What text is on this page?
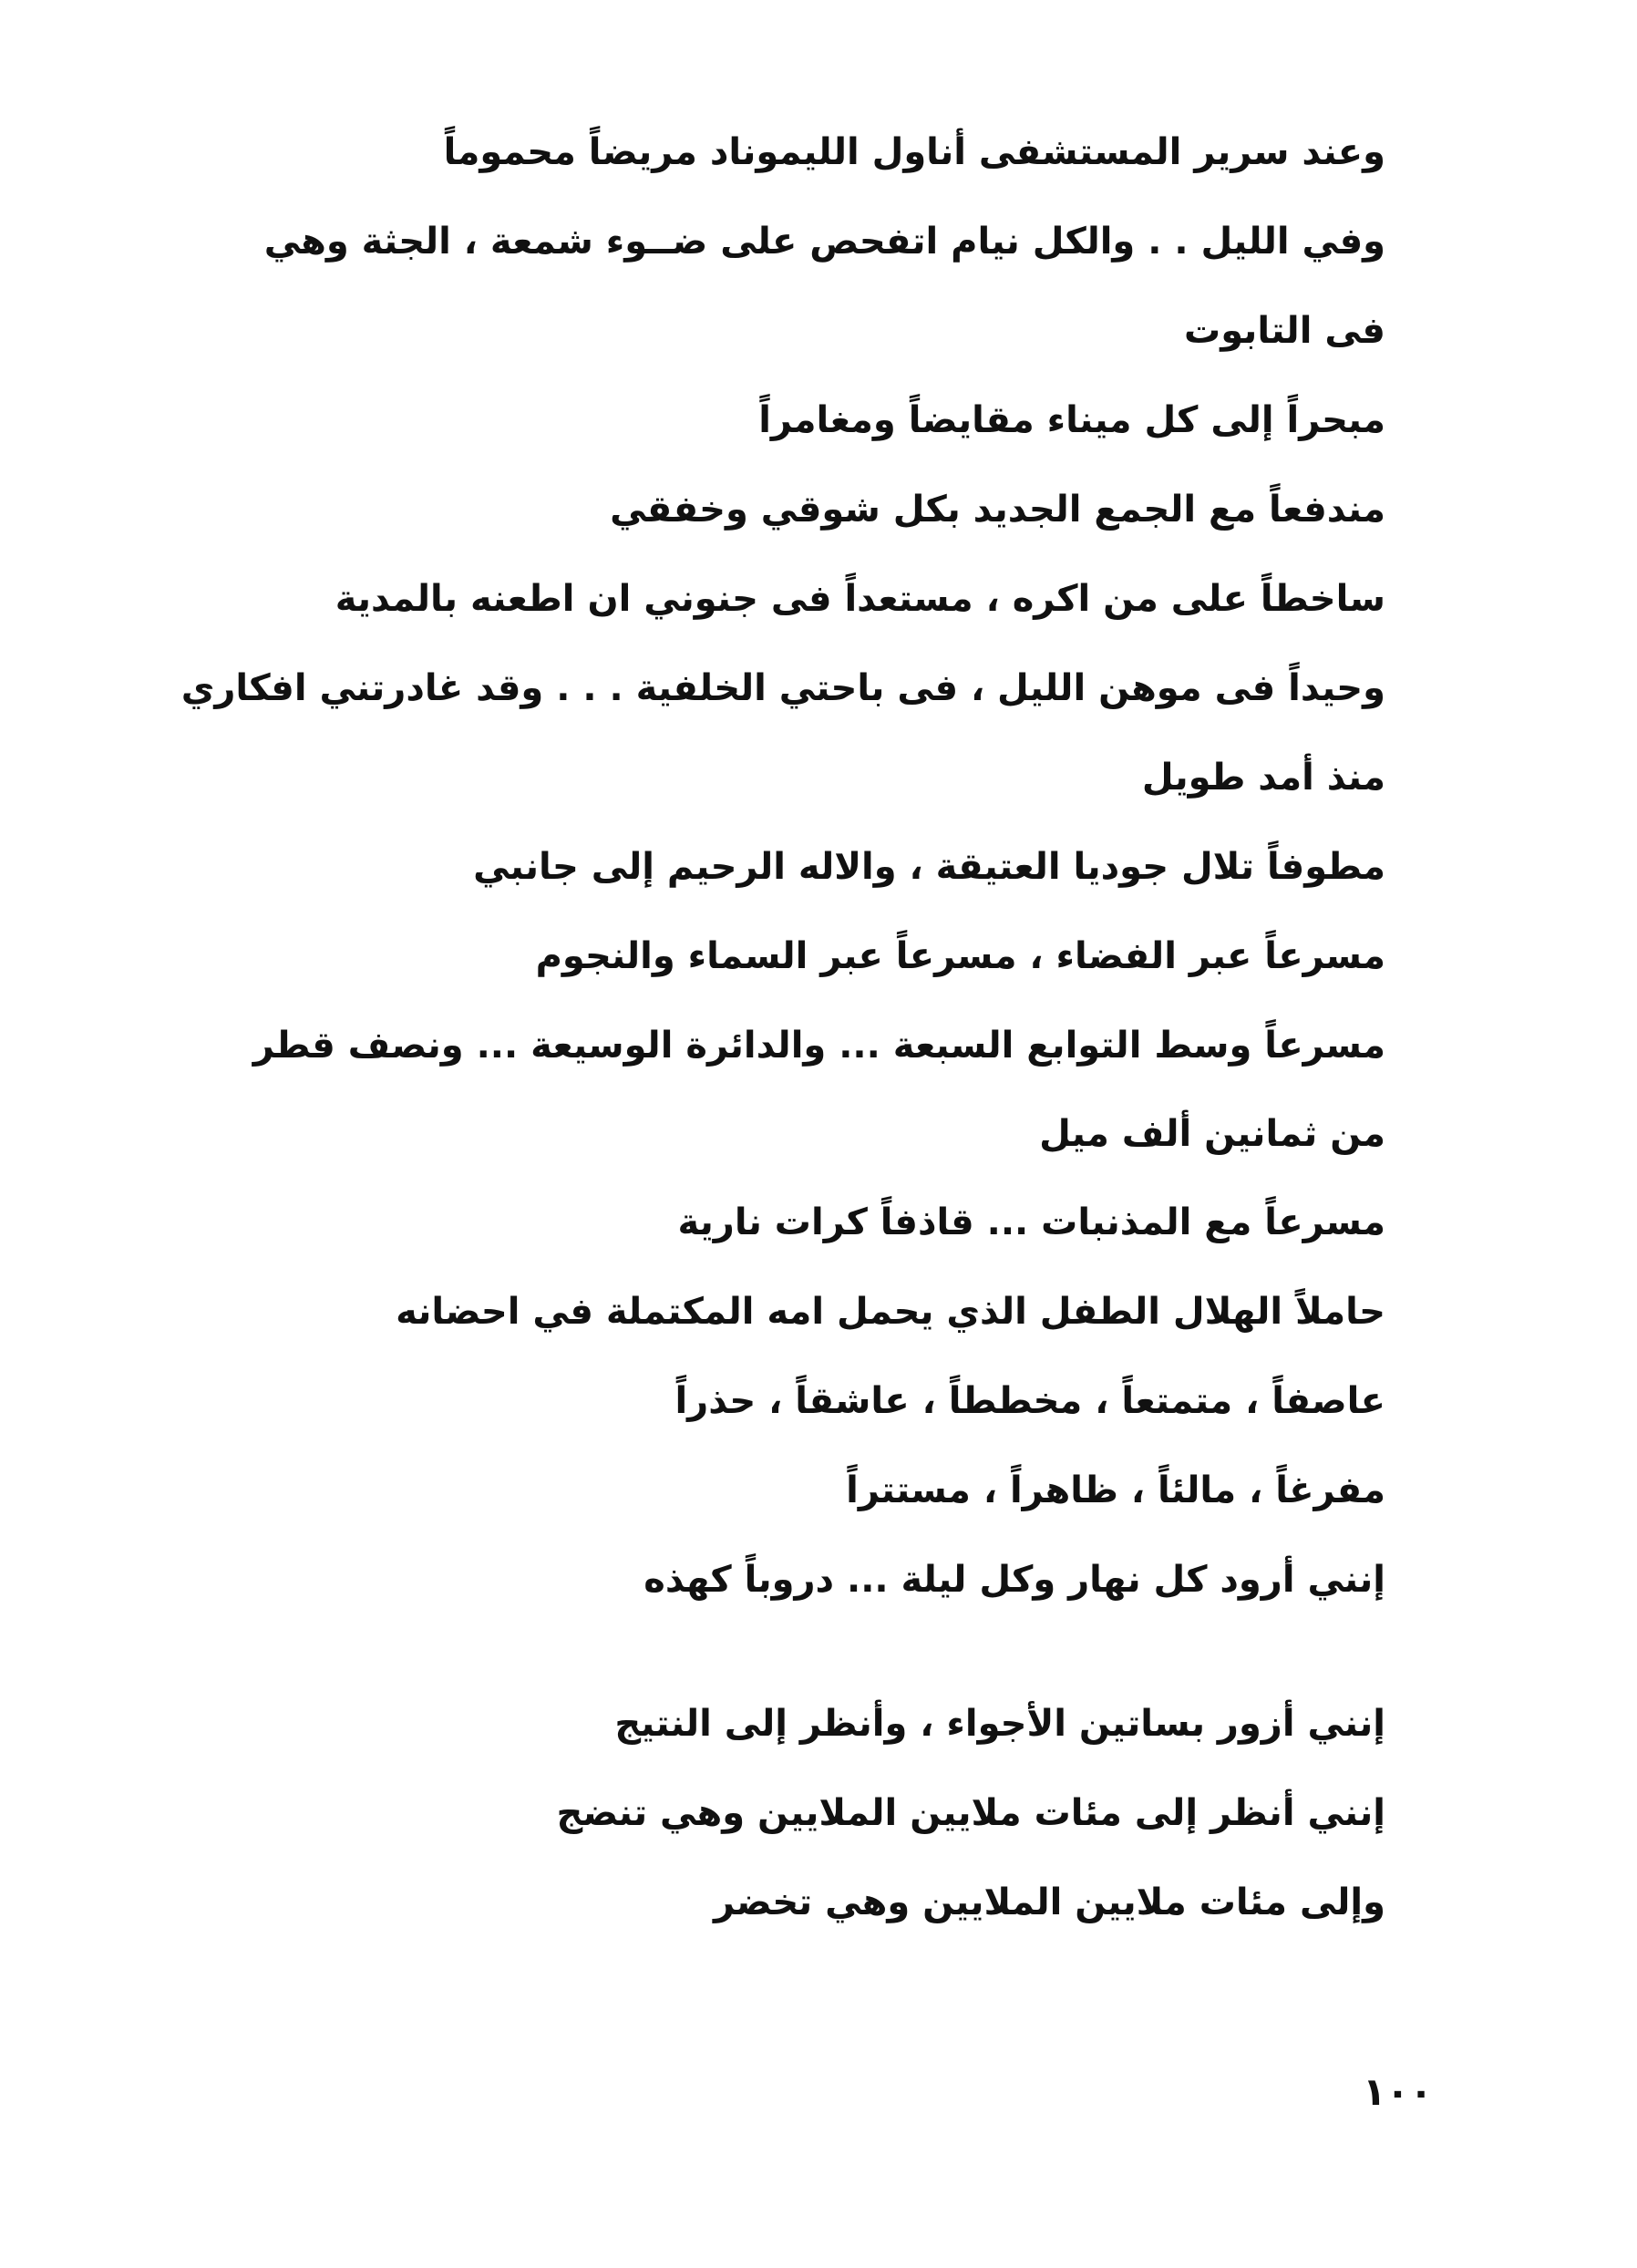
وعند سرير المستشفى أناول الليموناد مريضاً محموماً
وفي الليل . . والكل نيام اتفحص على ضــوء شمعة ، الجثة وهي
فى التابوت
مبحراً إلى كل ميناء مقايضاً ومغامراً
مندفعاً مع الجمع الجديد بكل شوقي وخفقي
ساخطاً على من اكره ، مستعداً فى جنوني ان اطعنه بالمدية
وحيداً فى موهن الليل ، فى باحتي الخلفية . . . وقد غادرتني افكاري
منذ أمد طويل
مطوفاً تلال جوديا العتيقة ، والاله الرحيم إلى جانبي
مسرعاً عبر الفضاء ، مسرعاً عبر السماء والنجوم
مسرعاً وسط التوابع السبعة ... والدائرة الوسيعة ... ونصف قطر
من ثمانين ألف ميل
مسرعاً مع المذنبات ... قاذفاً كرات نارية
حاملاً الهلال الطفل الذي يحمل امه المكتملة في احضانه
عاصفاً ، متمتعاً ، مخططاً ، عاشقاً ، حذراً
مفرغاً ، مالئاً ، ظاهراً ، مستتراً
إنني أرود كل نهار وكل ليلة ... دروباً كهذه
إنني أزور بساتين الأجواء ، وأنظر إلى النتيج
إنني أنظر إلى مئات ملايين الملايين وهي تنضج
وإلى مئات ملايين الملايين وهي تخضر
١٠٠
